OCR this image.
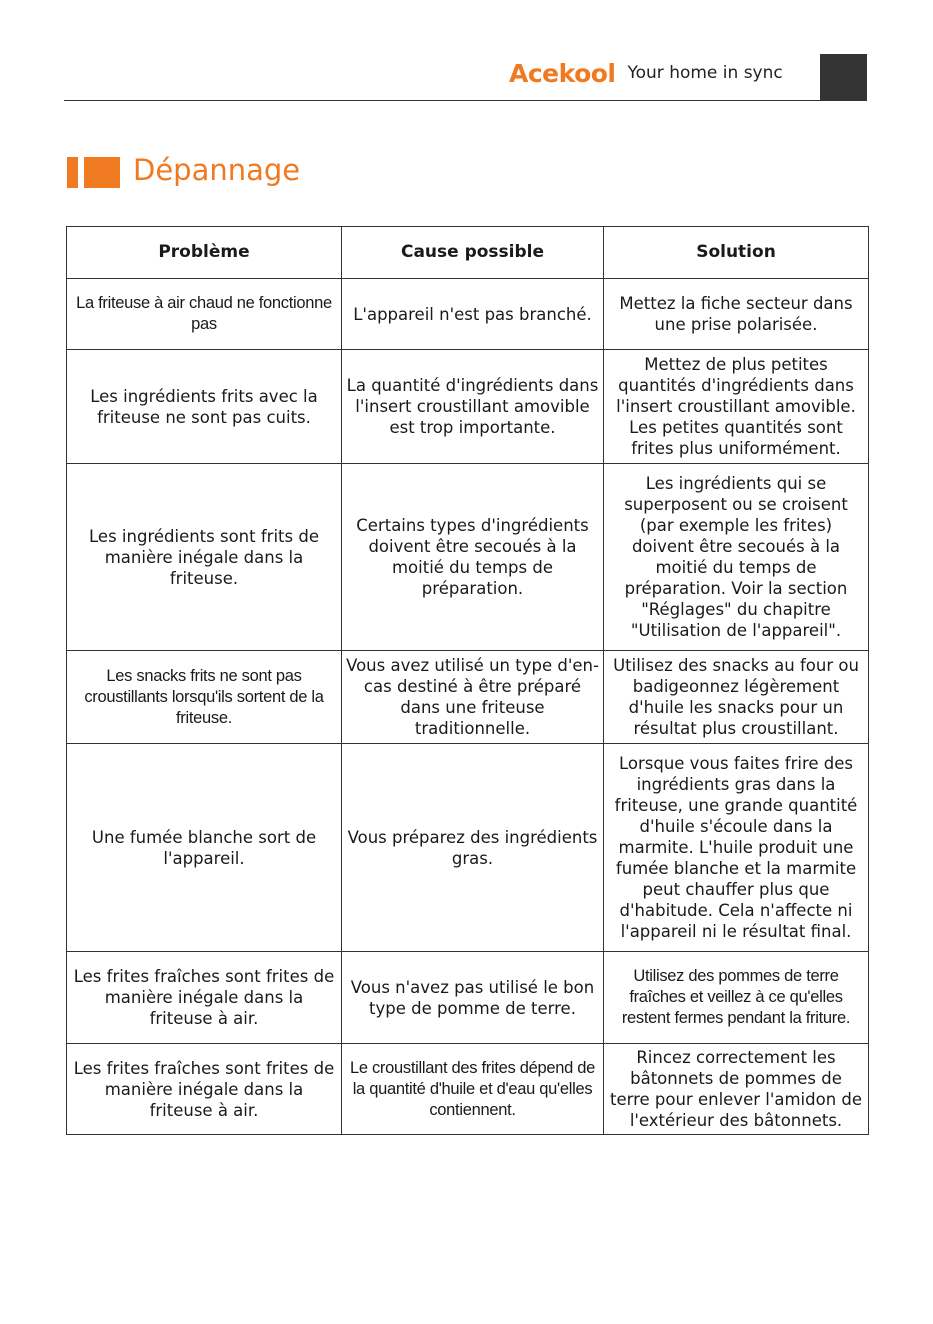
Acekool Your home in sync
Dépannage
Problème	Cause possible	Solution
La friteuse à air chaud ne fonctionne pas	L'appareil n'est pas branché.	Mettez la fiche secteur dans une prise polarisée.
Les ingrédients frits avec la friteuse ne sont pas cuits.	La quantité d'ingrédients dans l'insert croustillant amovible est trop importante.	Mettez de plus petites quantités d'ingrédients dans l'insert croustillant amovible. Les petites quantités sont frites plus uniformément.
Les ingrédients sont frits de manière inégale dans la friteuse.	Certains types d'ingrédients doivent être secoués à la moitié du temps de préparation.	Les ingrédients qui se superposent ou se croisent (par exemple les frites) doivent être secoués à la moitié du temps de préparation. Voir la section "Réglages" du chapitre "Utilisation de l'appareil".
Les snacks frits ne sont pas croustillants lorsqu'ils sortent de la friteuse.	Vous avez utilisé un type d'en-cas destiné à être préparé dans une friteuse traditionnelle.	Utilisez des snacks au four ou badigeonnez légèrement d'huile les snacks pour un résultat plus croustillant.
Une fumée blanche sort de l'appareil.	Vous préparez des ingrédients gras.	Lorsque vous faites frire des ingrédients gras dans la friteuse, une grande quantité d'huile s'écoule dans la marmite. L'huile produit une fumée blanche et la marmite peut chauffer plus que d'habitude. Cela n'affecte ni l'appareil ni le résultat final.
Les frites fraîches sont frites de manière inégale dans la friteuse à air.	Vous n'avez pas utilisé le bon type de pomme de terre.	Utilisez des pommes de terre fraîches et veillez à ce qu'elles restent fermes pendant la friture.
Les frites fraîches sont frites de manière inégale dans la friteuse à air.	Le croustillant des frites dépend de la quantité d'huile et d'eau qu'elles contiennent.	Rincez correctement les bâtonnets de pommes de terre pour enlever l'amidon de l'extérieur des bâtonnets.
